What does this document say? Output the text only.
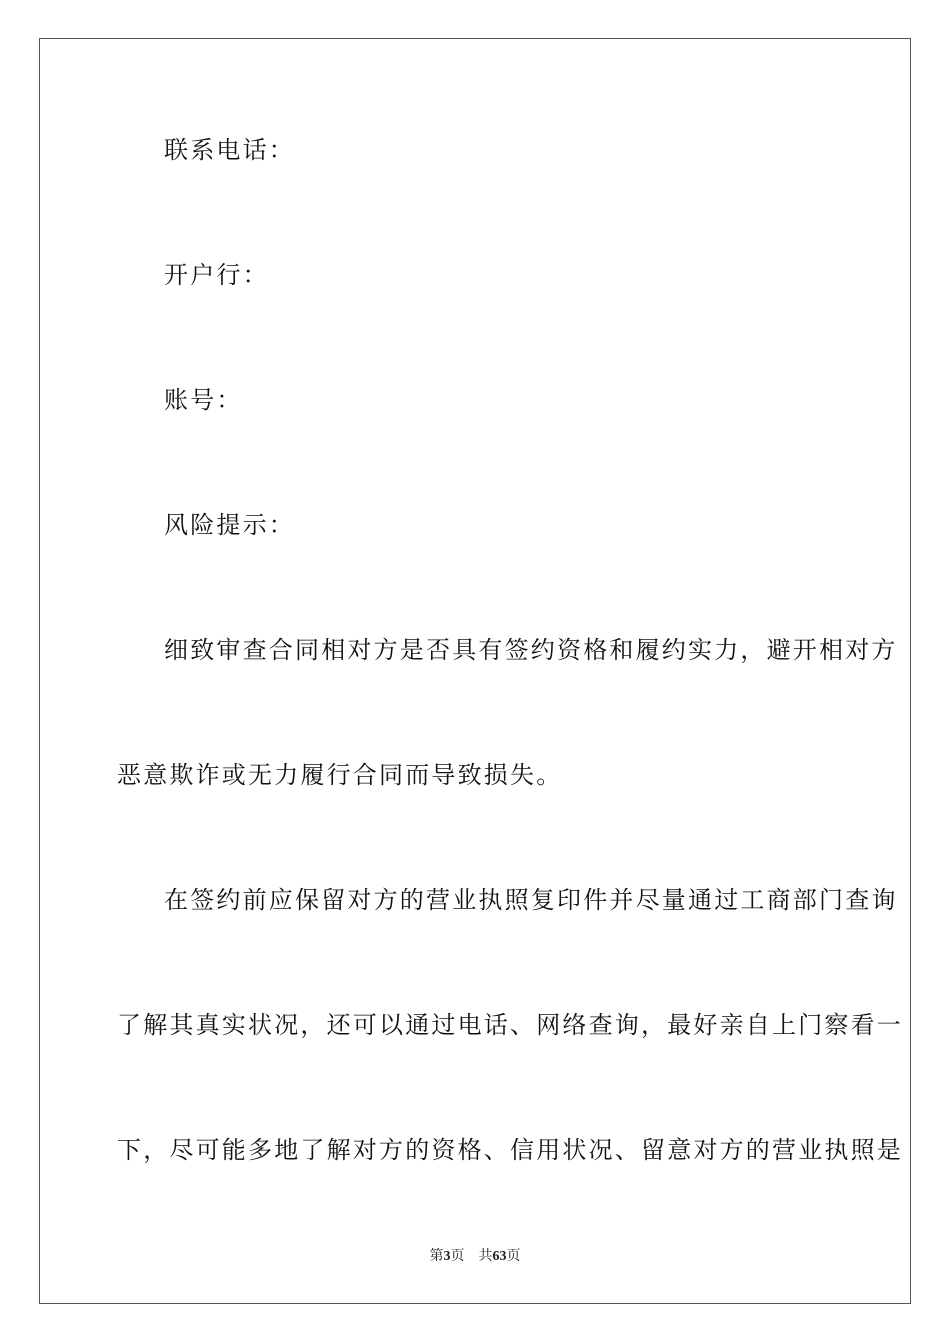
联系电话：
开户行：
账号：
风险提示：
细致审查合同相对方是否具有签约资格和履约实力，避开相对方
恶意欺诈或无力履行合同而导致损失。
在签约前应保留对方的营业执照复印件并尽量通过工商部门查询
了解其真实状况，还可以通过电话、网络查询，最好亲自上门察看一
下，尽可能多地了解对方的资格、信用状况、留意对方的营业执照是
第3页 共63页
